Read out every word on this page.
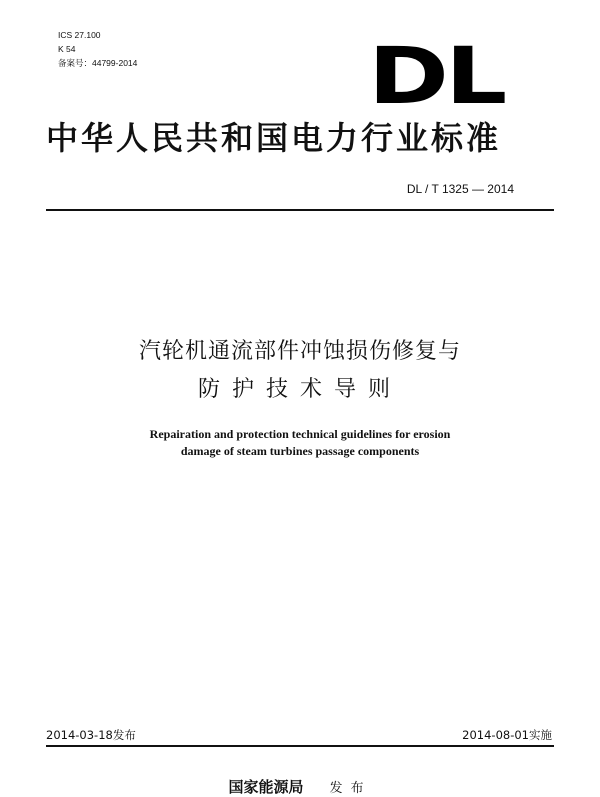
ICS 27.100
K 54
备案号：44799-2014	DL
中华人民共和国电力行业标准
DL / T 1325 — 2014
汽轮机通流部件冲蚀损伤修复与
防护技术导则
Repairation and protection technical guidelines for erosion
damage of steam turbines passage components
2014-03-18发布	2014-08-01实施
国家能源局 发布
